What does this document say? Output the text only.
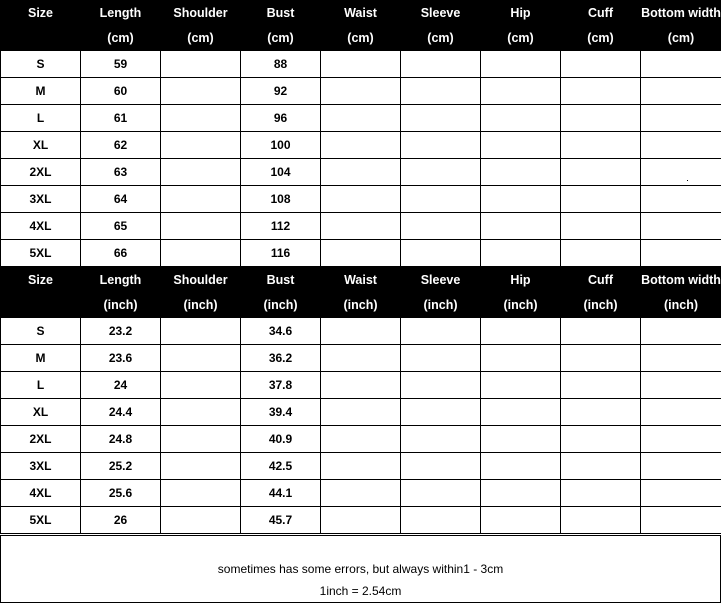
Size	Length	Shoulder	Bust	Waist	Sleeve	Hip	Cuff	Bottom width
	(cm)	(cm)	(cm)	(cm)	(cm)	(cm)	(cm)	(cm)
S	59		88					
M	60		92					
L	61		96					
XL	62		100					
2XL	63		104					
3XL	64		108					
4XL	65		112					
5XL	66		116					
Size	Length	Shoulder	Bust	Waist	Sleeve	Hip	Cuff	Bottom width
	(inch)	(inch)	(inch)	(inch)	(inch)	(inch)	(inch)	(inch)
S	23.2		34.6					
M	23.6		36.2					
L	24		37.8					
XL	24.4		39.4					
2XL	24.8		40.9					
3XL	25.2		42.5					
4XL	25.6		44.1					
5XL	26		45.7					
sometimes has some errors, but always within1 - 3cm
1inch = 2.54cm
